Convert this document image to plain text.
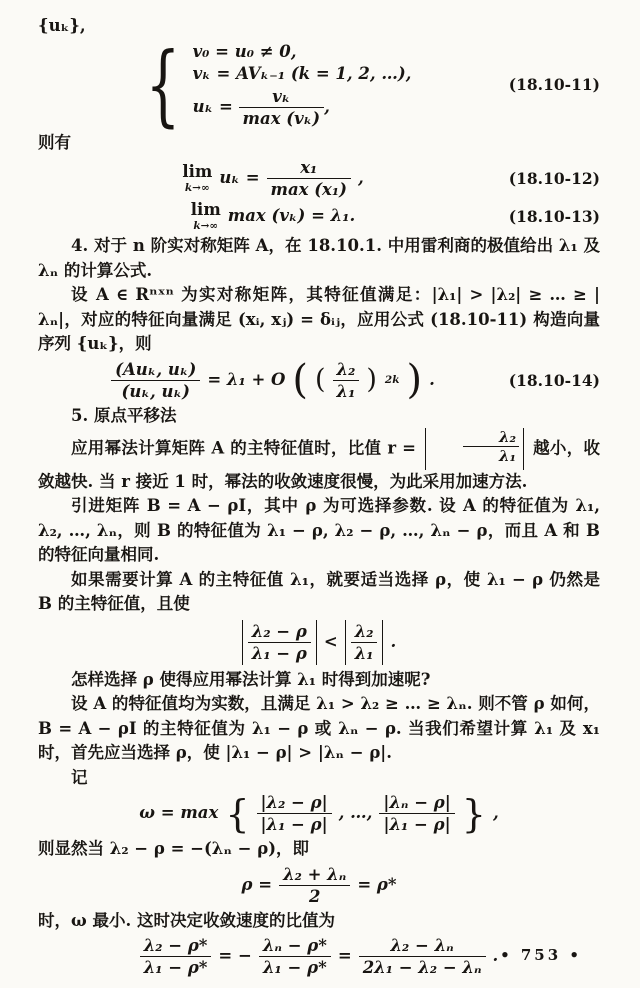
{uₖ},

{ v₀ = u₀ ≠ 0,
vₖ = AVₖ₋₁ (k = 1, 2, …),
$u_k = \frac{\text{vₖ}}{\text{max (vₖ)}}$ ,
(18.10-11)

则有

lim
k→∞
$u_k = \frac{\text{x₁}}{\text{max (x₁)}}$ ,	(18.10-12)
lim
k→∞
max (vₖ) = λ₁.	(18.10-13)

4. 对于 n 阶实对称矩阵 A，在 18.10.1. 中用雷利商的极值给出 λ₁ 及 λₙ 的计算公式.

设 A ∈ Rⁿˣⁿ 为实对称矩阵，其特征值满足：|λ₁| > |λ₂| ≥ … ≥ |λₙ|，对应的特征向量满足 (xᵢ, xⱼ) = δᵢⱼ，应用公式 (18.10-11) 构造向量序列 {uₖ}，则

$\frac{\text{(Auₖ, uₖ)}}{\text{(uₖ, uₖ)}} = \lambda_1 + O$ ( ( $\frac{\text{λ₂}}{\text{λ₁}}$ ) 2k ) .	(18.10-14)

5. 原点平移法

应用幂法计算矩阵 A 的主特征值时，比值 r =	$\frac{\text{λ₂}}{\text{λ₁}}$ 越小，收敛越快. 当 r 接近 1 时，幂法的收敛速度很慢，为此采用加速方法.

引进矩阵 B = A − ρI，其中 ρ 为可选择参数. 设 A 的特征值为 λ₁, λ₂, …, λₙ，则 B 的特征值为 λ₁ − ρ, λ₂ − ρ, …, λₙ − ρ，而且 A 和 B 的特征向量相同.

如果需要计算 A 的主特征值 λ₁，就要适当选择 ρ，使 λ₁ − ρ 仍然是 B 的主特征值，且使

$\frac{\text{λ₂ − ρ}}{\text{λ₁ − ρ}} < \frac{\text{λ₂}}{\text{λ₁}}$ .

怎样选择 ρ 使得应用幂法计算 λ₁ 时得到加速呢?

设 A 的特征值均为实数，且满足 λ₁ > λ₂ ≥ … ≥ λₙ. 则不管 ρ 如何，B = A − ρI 的主特征值为 λ₁ − ρ 或 λₙ − ρ. 当我们希望计算 λ₁ 及 x₁ 时，首先应当选择 ρ，使 |λ₁ − ρ| > |λₙ − ρ|.

记

ω = max { $\frac{\text{|λ₂ − ρ|}}{\text{|λ₁ − ρ|}}$ , …, $\frac{\text{|λₙ − ρ|}}{\text{|λ₁ − ρ|}}$ } ,

则显然当 λ₂ − ρ = −(λₙ − ρ)，即

$\rho = \frac{\text{λ₂ + λₙ}}{2} = \rho*$

时，ω 最小. 这时决定收敛速度的比值为

$\frac{\text{λ₂ − ρ*}}{\text{λ₁ − ρ*}}$ = − $\frac{\text{λₙ − ρ*}}{\text{λ₁ − ρ*}} = \frac{\text{λ₂ − λₙ}}{\text{2λ₁ − λ₂ − λₙ}}$ . • 753 •
